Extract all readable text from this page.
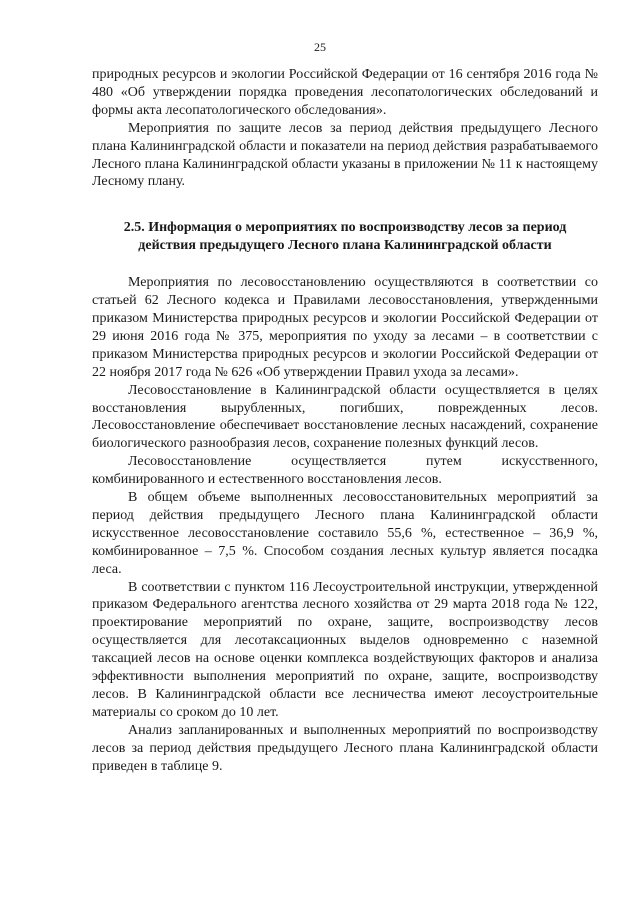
25

природных ресурсов и экологии Российской Федерации от 16 сентября 2016 года № 480 «Об утверждении порядка проведения лесопатологических обследований и формы акта лесопатологического обследования».

Мероприятия по защите лесов за период действия предыдущего Лесного плана Калининградской области и показатели на период действия разрабатываемого Лесного плана Калининградской области указаны в приложении № 11 к настоящему Лесному плану.

2.5. Информация о мероприятиях по воспроизводству лесов за период
действия предыдущего Лесного плана Калининградской области

Мероприятия по лесовосстановлению осуществляются в соответствии со статьей 62 Лесного кодекса и Правилами лесовосстановления, утвержденными приказом Министерства природных ресурсов и экологии Российской Федерации от 29 июня 2016 года № 375, мероприятия по уходу за лесами – в соответствии с приказом Министерства природных ресурсов и экологии Российской Федерации от 22 ноября 2017 года № 626 «Об утверждении Правил ухода за лесами».

Лесовосстановление в Калининградской области осуществляется в целях восстановления вырубленных, погибших, поврежденных лесов. Лесовосстановление обеспечивает восстановление лесных насаждений, сохранение биологического разнообразия лесов, сохранение полезных функций лесов.

Лесовосстановление осуществляется путем искусственного, комбинированного и естественного восстановления лесов.

В общем объеме выполненных лесовосстановительных мероприятий за период действия предыдущего Лесного плана Калининградской области искусственное лесовосстановление составило 55,6 %, естественное – 36,9 %, комбинированное – 7,5 %. Способом создания лесных культур является посадка леса.

В соответствии с пунктом 116 Лесоустроительной инструкции, утвержденной приказом Федерального агентства лесного хозяйства от 29 марта 2018 года № 122, проектирование мероприятий по охране, защите, воспроизводству лесов осуществляется для лесотаксационных выделов одновременно с наземной таксацией лесов на основе оценки комплекса воздействующих факторов и анализа эффективности выполнения мероприятий по охране, защите, воспроизводству лесов. В Калининградской области все лесничества имеют лесоустроительные материалы со сроком до 10 лет.

Анализ запланированных и выполненных мероприятий по воспроизводству лесов за период действия предыдущего Лесного плана Калининградской области приведен в таблице 9.
